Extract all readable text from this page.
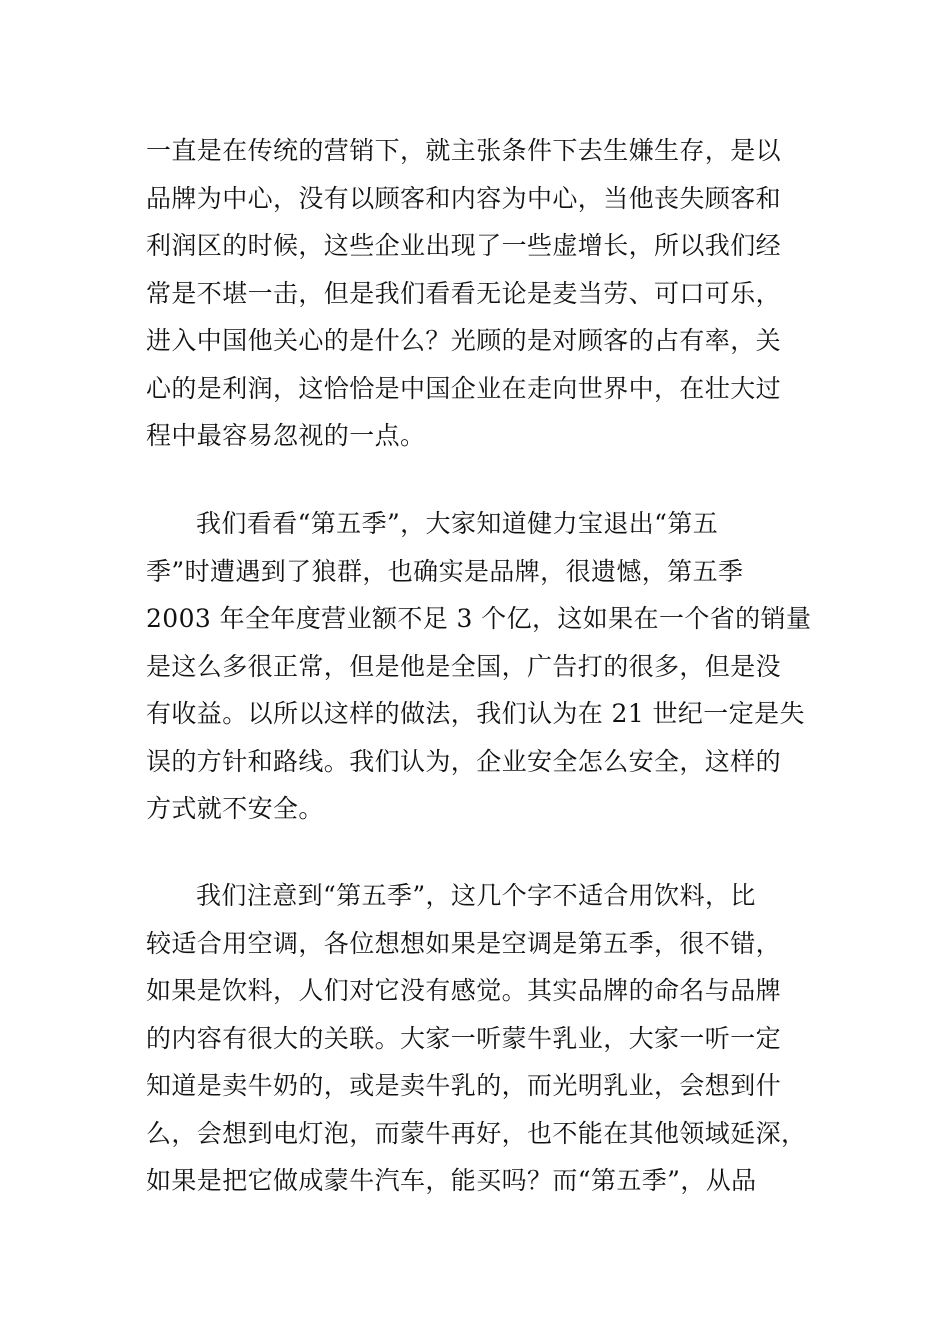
一直是在传统的营销下，就主张条件下去生嫌生存，是以
品牌为中心，没有以顾客和内容为中心，当他丧失顾客和
利润区的时候，这些企业出现了一些虚增长，所以我们经
常是不堪一击，但是我们看看无论是麦当劳、可口可乐，
进入中国他关心的是什么？光顾的是对顾客的占有率，关
心的是利润，这恰恰是中国企业在走向世界中，在壮大过
程中最容易忽视的一点。
我们看看“第五季”，大家知道健力宝退出“第五
季”时遭遇到了狼群，也确实是品牌，很遗憾，第五季
2003 年全年度营业额不足 3 个亿，这如果在一个省的销量
是这么多很正常，但是他是全国，广告打的很多，但是没
有收益。以所以这样的做法，我们认为在 21 世纪一定是失
误的方针和路线。我们认为，企业安全怎么安全，这样的
方式就不安全。
我们注意到“第五季”，这几个字不适合用饮料，比
较适合用空调，各位想想如果是空调是第五季，很不错，
如果是饮料，人们对它没有感觉。其实品牌的命名与品牌
的内容有很大的关联。大家一听蒙牛乳业，大家一听一定
知道是卖牛奶的，或是卖牛乳的，而光明乳业，会想到什
么，会想到电灯泡，而蒙牛再好，也不能在其他领域延深，
如果是把它做成蒙牛汽车，能买吗？而“第五季”，从品
